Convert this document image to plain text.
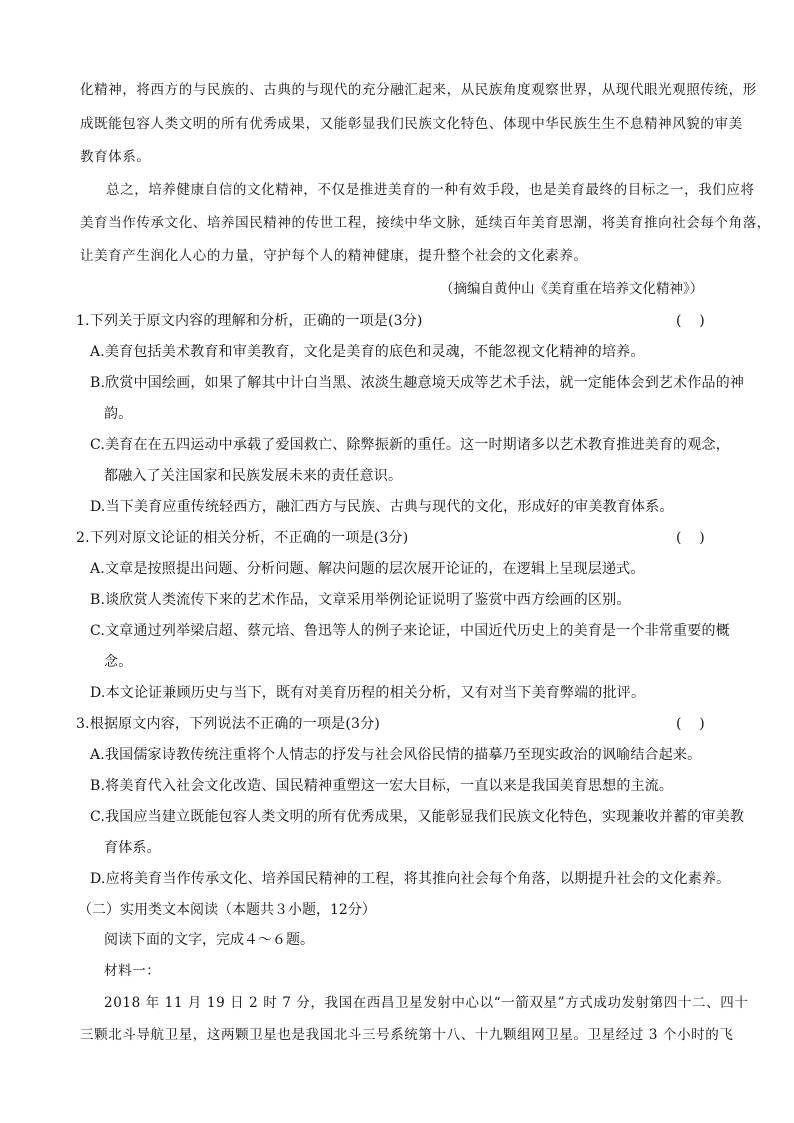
化精神，将西方的与民族的、古典的与现代的充分融汇起来，从民族角度观察世界，从现代眼光观照传统，形
成既能包容人类文明的所有优秀成果，又能彰显我们民族文化特色、体现中华民族生生不息精神风貌的审美
教育体系。
总之，培养健康自信的文化精神，不仅是推进美育的一种有效手段，也是美育最终的目标之一，我们应将
美育当作传承文化、培养国民精神的传世工程，接续中华文脉，延续百年美育思潮，将美育推向社会每个角落，
让美育产生润化人心的力量，守护每个人的精神健康，提升整个社会的文化素养。
（摘编自黄仲山《美育重在培养文化精神》）
1.下列关于原文内容的理解和分析，正确的一项是(3分)	(    )
A.美育包括美术教育和审美教育，文化是美育的底色和灵魂，不能忽视文化精神的培养。
B.欣赏中国绘画，如果了解其中计白当黑、浓淡生趣意境天成等艺术手法，就一定能体会到艺术作品的神
韵。
C.美育在在五四运动中承载了爱国救亡、除弊振新的重任。这一时期诸多以艺术教育推进美育的观念，
都融入了关注国家和民族发展未来的责任意识。
D.当下美育应重传统轻西方，融汇西方与民族、古典与现代的文化，形成好的审美教育体系。
2.下列对原文论证的相关分析，不正确的一项是(3分)	(    )
A.文章是按照提出问题、分析问题、解决问题的层次展开论证的，在逻辑上呈现层递式。
B.谈欣赏人类流传下来的艺术作品，文章采用举例论证说明了鉴赏中西方绘画的区别。
C.文章通过列举梁启超、蔡元培、鲁迅等人的例子来论证，中国近代历史上的美育是一个非常重要的概
念。
D.本文论证兼顾历史与当下，既有对美育历程的相关分析，又有对当下美育弊端的批评。
3.根据原文内容，下列说法不正确的一项是(3分)	(    )
A.我国儒家诗教传统注重将个人情志的抒发与社会风俗民情的描摹乃至现实政治的讽喻结合起来。
B.将美育代入社会文化改造、国民精神重塑这一宏大目标，一直以来是我国美育思想的主流。
C.我国应当建立既能包容人类文明的所有优秀成果，又能彰显我们民族文化特色，实现兼收并蓄的审美教
育体系。
D.应将美育当作传承文化、培养国民精神的工程，将其推向社会每个角落，以期提升社会的文化素养。
（二）实用类文本阅读（本题共３小题，12分）
阅读下面的文字，完成４～６题。
材料一：
2018 年 11 月 19 日 2 时 7 分，我国在西昌卫星发射中心以“一箭双星”方式成功发射第四十二、四十
三颗北斗导航卫星，这两颗卫星也是我国北斗三号系统第十八、十九颗组网卫星。卫星经过 3 个小时的飞
